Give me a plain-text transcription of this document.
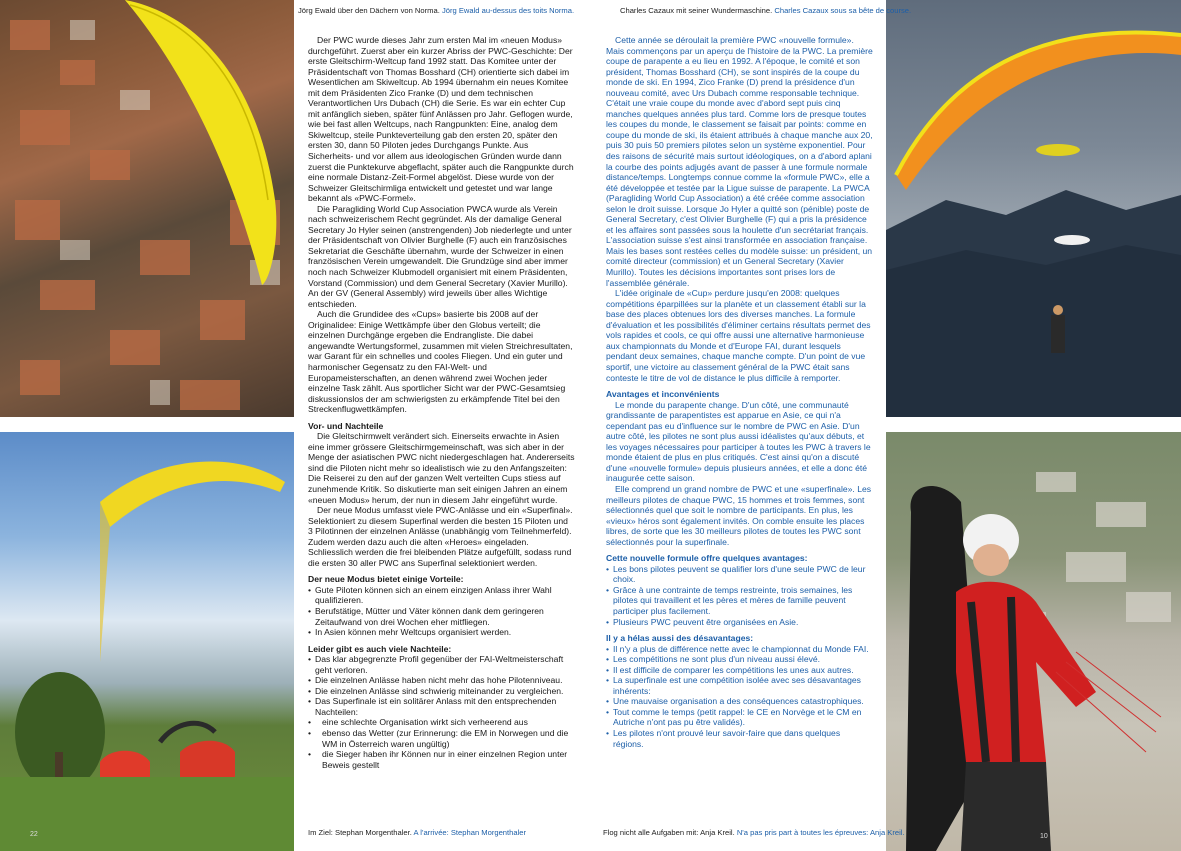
Jörg Ewald über den Dächern von Norma. Jörg Ewald au-dessus des toits Norma.	Charles Cazaux mit seiner Wundermaschine. Charles Cazaux sous sa bête de course.
Im Ziel: Stephan Morgenthaler. A l'arrivée: Stephan Morgenthaler	Flog nicht alle Aufgaben mit: Anja Kreil. N'a pas pris part à toutes les épreuves: Anja Kreil.
22	10

Der PWC wurde dieses Jahr zum ersten Mal im «neuen Modus» durchgeführt. Zuerst aber ein kurzer Abriss der PWC-Geschichte: Der erste Gleitschirm-Weltcup fand 1992 statt. Das Komitee unter der Präsidentschaft von Thomas Bosshard (CH) orientierte sich dabei im Wesentlichen am Skiweltcup. Ab 1994 übernahm ein neues Komitee mit dem Präsidenten Zico Franke (D) und dem technischen Verantwortlichen Urs Dubach (CH) die Serie. Es war ein echter Cup mit anfänglich sieben, später fünf Anlässen pro Jahr. Geflogen wurde, wie bei fast allen Weltcups, nach Rangpunkten: Eine, analog dem Skiweltcup, steile Punkteverteilung gab den ersten 20, später den ersten 30, dann 50 Piloten jedes Durchgangs Punkte. Aus Sicherheits- und vor allem aus ideologischen Gründen wurde dann zuerst die Punktekurve abgeflacht, später auch die Rangpunkte durch eine normale Distanz-Zeit-Formel abgelöst. Diese wurde von der Schweizer Gleitschirmliga entwickelt und getestet und war lange bekannt als «PWC-Formel».

Die Paragliding World Cup Association PWCA wurde als Verein nach schweizerischem Recht gegründet. Als der damalige General Secretary Jo Hyler seinen (anstrengenden) Job niederlegte und unter der Präsidentschaft von Olivier Burghelle (F) auch ein französisches Sekretariat die Geschäfte übernahm, wurde der Schweizer in einen französischen Verein umgewandelt. Die Grundzüge sind aber immer noch nach Schweizer Klubmodell organisiert mit einem Präsidenten, Vorstand (Commission) und dem General Secretary (Xavier Murillo). An der GV (General Assembly) wird jeweils über alles Wichtige entschieden.

Auch die Grundidee des «Cups» basierte bis 2008 auf der Originalidee: Einige Wettkämpfe über den Globus verteilt; die einzelnen Durchgänge ergeben die Endrangliste. Die dabei angewandte Wertungsformel, zusammen mit vielen Streichresultaten, war Garant für ein schnelles und cooles Fliegen. Und ein guter und harmonischer Gegensatz zu den FAI-Welt- und Europameisterschaften, an denen während zwei Wochen jeder einzelne Task zählt. Aus sportlicher Sicht war der PWC-Gesamtsieg diskussionslos der am schwierigsten zu erkämpfende Titel bei den Streckenflugwettkämpfen.

Vor- und Nachteile

Die Gleitschirmwelt verändert sich. Einerseits erwachte in Asien eine immer grössere Gleitschirmgemeinschaft, was sich aber in der Menge der asiatischen PWC nicht niedergeschlagen hat. Andererseits sind die Piloten nicht mehr so idealistisch wie zu den Anfangszeiten: Die Reiserei zu den auf der ganzen Welt verteilten Cups stiess auf zunehmende Kritik. So diskutierte man seit einigen Jahren an einem «neuen Modus» herum, der nun in diesem Jahr eingeführt wurde.

Der neue Modus umfasst viele PWC-Anlässe und ein «Superfinal». Selektioniert zu diesem Superfinal werden die besten 15 Piloten und 3 Pilotinnen der einzelnen Anlässe (unabhängig vom Teilnehmerfeld). Zudem werden dazu auch die alten «Heroes» eingeladen. Schliesslich werden die frei bleibenden Plätze aufgefüllt, sodass rund die ersten 30 aller PWC ans Superfinal selektioniert werden.

Der neue Modus bietet einige Vorteile:
• Gute Piloten können sich an einem einzigen Anlass ihrer Wahl qualifizieren.
• Berufstätige, Mütter und Väter können dank dem geringeren Zeitaufwand von drei Wochen eher mitfliegen.
• In Asien können mehr Weltcups organisiert werden.
Leider gibt es auch viele Nachteile:
• Das klar abgegrenzte Profil gegenüber der FAI-Weltmeisterschaft geht verloren.
• Die einzelnen Anlässe haben nicht mehr das hohe Pilotenniveau.
• Die einzelnen Anlässe sind schwierig miteinander zu vergleichen.
• Das Superfinale ist ein solitärer Anlass mit den entsprechenden Nachteilen:
• eine schlechte Organisation wirkt sich verheerend aus
• ebenso das Wetter (zur Erinnerung: die EM in Norwegen und die WM in Österreich waren ungültig)
• die Sieger haben ihr Können nur in einer einzelnen Region unter Beweis gestellt

Cette année se déroulait la première PWC «nouvelle formule». Mais commençons par un aperçu de l'histoire de la PWC. La première coupe de parapente a eu lieu en 1992. A l'époque, le comité et son président, Thomas Bosshard (CH), se sont inspirés de la coupe du monde de ski. En 1994, Zico Franke (D) prend la présidence d'un nouveau comité, avec Urs Dubach comme responsable technique. C'était une vraie coupe du monde avec d'abord sept puis cinq manches quelques années plus tard. Comme lors de presque toutes les coupes du monde, le classement se faisait par points: comme en coupe du monde de ski, ils étaient attribués à chaque manche aux 20, puis 30 puis 50 premiers pilotes selon un système exponentiel. Pour des raisons de sécurité mais surtout idéologiques, on a d'abord aplani la courbe des points adjugés avant de passer à une formule normale distance/temps. Longtemps connue comme la «formule PWC», elle a été développée et testée par la Ligue suisse de parapente. La PWCA (Paragliding World Cup Association) a été créée comme association selon le droit suisse. Lorsque Jo Hyler a quitté son (pénible) poste de General Secretary, c'est Olivier Burghelle (F) qui a pris la présidence et les affaires sont passées sous la houlette d'un secrétariat français. L'association suisse s'est ainsi transformée en association française. Mais les bases sont restées celles du modèle suisse: un président, un comité directeur (commission) et un General Secretary (Xavier Murillo). Toutes les décisions importantes sont prises lors de l'assemblée générale.

L'idée originale de «Cup» perdure jusqu'en 2008: quelques compétitions éparpillées sur la planète et un classement établi sur la base des places obtenues lors des diverses manches. La formule d'évaluation et les possibilités d'éliminer certains résultats permet des vols rapides et cools, ce qui offre aussi une alternative harmonieuse aux championnats du Monde et d'Europe FAI, durant lesquels pendant deux semaines, chaque manche compte. D'un point de vue sportif, une victoire au classement général de la PWC était sans conteste le titre de vol de distance le plus difficile à remporter.

Avantages et inconvénients

Le monde du parapente change. D'un côté, une communauté grandissante de parapentistes est apparue en Asie, ce qui n'a cependant pas eu d'influence sur le nombre de PWC en Asie. D'un autre côté, les pilotes ne sont plus aussi idéalistes qu'aux débuts, et les voyages nécessaires pour participer à toutes les PWC à travers le monde étaient de plus en plus critiqués. C'est ainsi qu'on a discuté d'une «nouvelle formule» depuis plusieurs années, et elle a donc été inaugurée cette saison.

Elle comprend un grand nombre de PWC et une «superfinale». Les meilleurs pilotes de chaque PWC, 15 hommes et trois femmes, sont sélectionnés quel que soit le nombre de participants. En plus, les «vieux» héros sont également invités. On comble ensuite les places libres, de sorte que les 30 meilleurs pilotes de toutes les PWC sont sélectionnés pour la superfinale.

Cette nouvelle formule offre quelques avantages:
• Les bons pilotes peuvent se qualifier lors d'une seule PWC de leur choix.
• Grâce à une contrainte de temps restreinte, trois semaines, les pilotes qui travaillent et les pères et mères de famille peuvent participer plus facilement.
• Plusieurs PWC peuvent être organisées en Asie.
Il y a hélas aussi des désavantages:
• Il n'y a plus de différence nette avec le championnat du Monde FAI.
• Les compétitions ne sont plus d'un niveau aussi élevé.
• Il est difficile de comparer les compétitions les unes aux autres.
• La superfinale est une compétition isolée avec ses désavantages inhérents:
• Une mauvaise organisation a des conséquences catastrophiques.
• Tout comme le temps (petit rappel: le CE en Norvège et le CM en Autriche n'ont pas pu être validés).
• Les pilotes n'ont prouvé leur savoir-faire que dans quelques régions.
